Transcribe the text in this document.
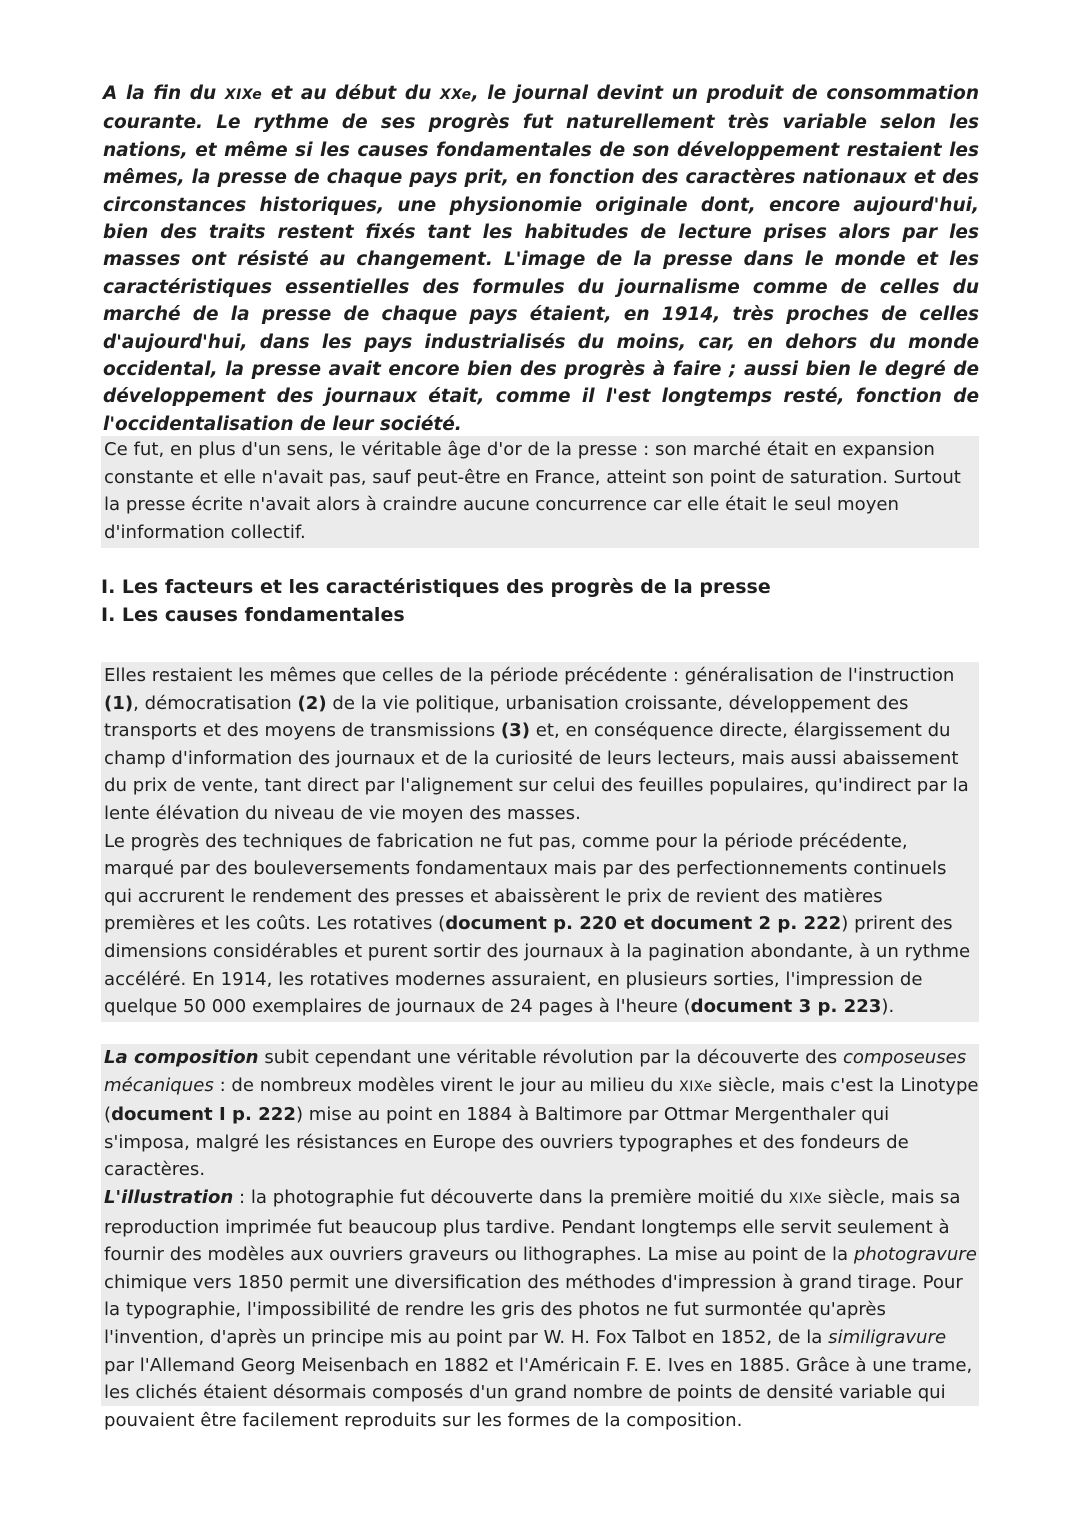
A la fin du XIXe et au début du XXe, le journal devint un produit de consommation courante. Le rythme de ses progrès fut naturellement très variable selon les nations, et même si les causes fondamentales de son développement restaient les mêmes, la presse de chaque pays prit, en fonction des caractères nationaux et des circonstances historiques, une physionomie originale dont, encore aujourd'hui, bien des traits restent fixés tant les habitudes de lecture prises alors par les masses ont résisté au changement. L'image de la presse dans le monde et les caractéristiques essentielles des formules du journalisme comme de celles du marché de la presse de chaque pays étaient, en 1914, très proches de celles d'aujourd'hui, dans les pays industrialisés du moins, car, en dehors du monde occidental, la presse avait encore bien des progrès à faire ; aussi bien le degré de développement des journaux était, comme il l'est longtemps resté, fonction de l'occidentalisation de leur société.

Ce fut, en plus d'un sens, le véritable âge d'or de la presse : son marché était en expansion constante et elle n'avait pas, sauf peut-être en France, atteint son point de saturation. Surtout la presse écrite n'avait alors à craindre aucune concurrence car elle était le seul moyen d'information collectif.

I. Les facteurs et les caractéristiques des progrès de la presse
I. Les causes fondamentales

Elles restaient les mêmes que celles de la période précédente : généralisation de l'instruction (1), démocratisation (2) de la vie politique, urbanisation croissante, développement des transports et des moyens de transmissions (3) et, en conséquence directe, élargissement du champ d'information des journaux et de la curiosité de leurs lecteurs, mais aussi abaissement du prix de vente, tant direct par l'alignement sur celui des feuilles populaires, qu'indirect par la lente élévation du niveau de vie moyen des masses.

Le progrès des techniques de fabrication ne fut pas, comme pour la période précédente, marqué par des bouleversements fondamentaux mais par des perfectionnements continuels qui accrurent le rendement des presses et abaissèrent le prix de revient des matières premières et les coûts. Les rotatives (document p. 220 et document 2 p. 222) prirent des dimensions considérables et purent sortir des journaux à la pagination abondante, à un rythme accéléré. En 1914, les rotatives modernes assuraient, en plusieurs sorties, l'impression de quelque 50 000 exemplaires de journaux de 24 pages à l'heure (document 3 p. 223).

La composition subit cependant une véritable révolution par la découverte des composeuses mécaniques : de nombreux modèles virent le jour au milieu du XIXe siècle, mais c'est la Linotype (document I p. 222) mise au point en 1884 à Baltimore par Ottmar Mergenthaler qui s'imposa, malgré les résistances en Europe des ouvriers typographes et des fondeurs de caractères.

L'illustration : la photographie fut découverte dans la première moitié du XIXe siècle, mais sa reproduction imprimée fut beaucoup plus tardive. Pendant longtemps elle servit seulement à fournir des modèles aux ouvriers graveurs ou lithographes. La mise au point de la photogravure chimique vers 1850 permit une diversification des méthodes d'impression à grand tirage. Pour la typographie, l'impossibilité de rendre les gris des photos ne fut surmontée qu'après l'invention, d'après un principe mis au point par W. H. Fox Talbot en 1852, de la similigravure par l'Allemand Georg Meisenbach en 1882 et l'Américain F. E. Ives en 1885. Grâce à une trame, les clichés étaient désormais composés d'un grand nombre de points de densité variable qui pouvaient être facilement reproduits sur les formes de la composition.
